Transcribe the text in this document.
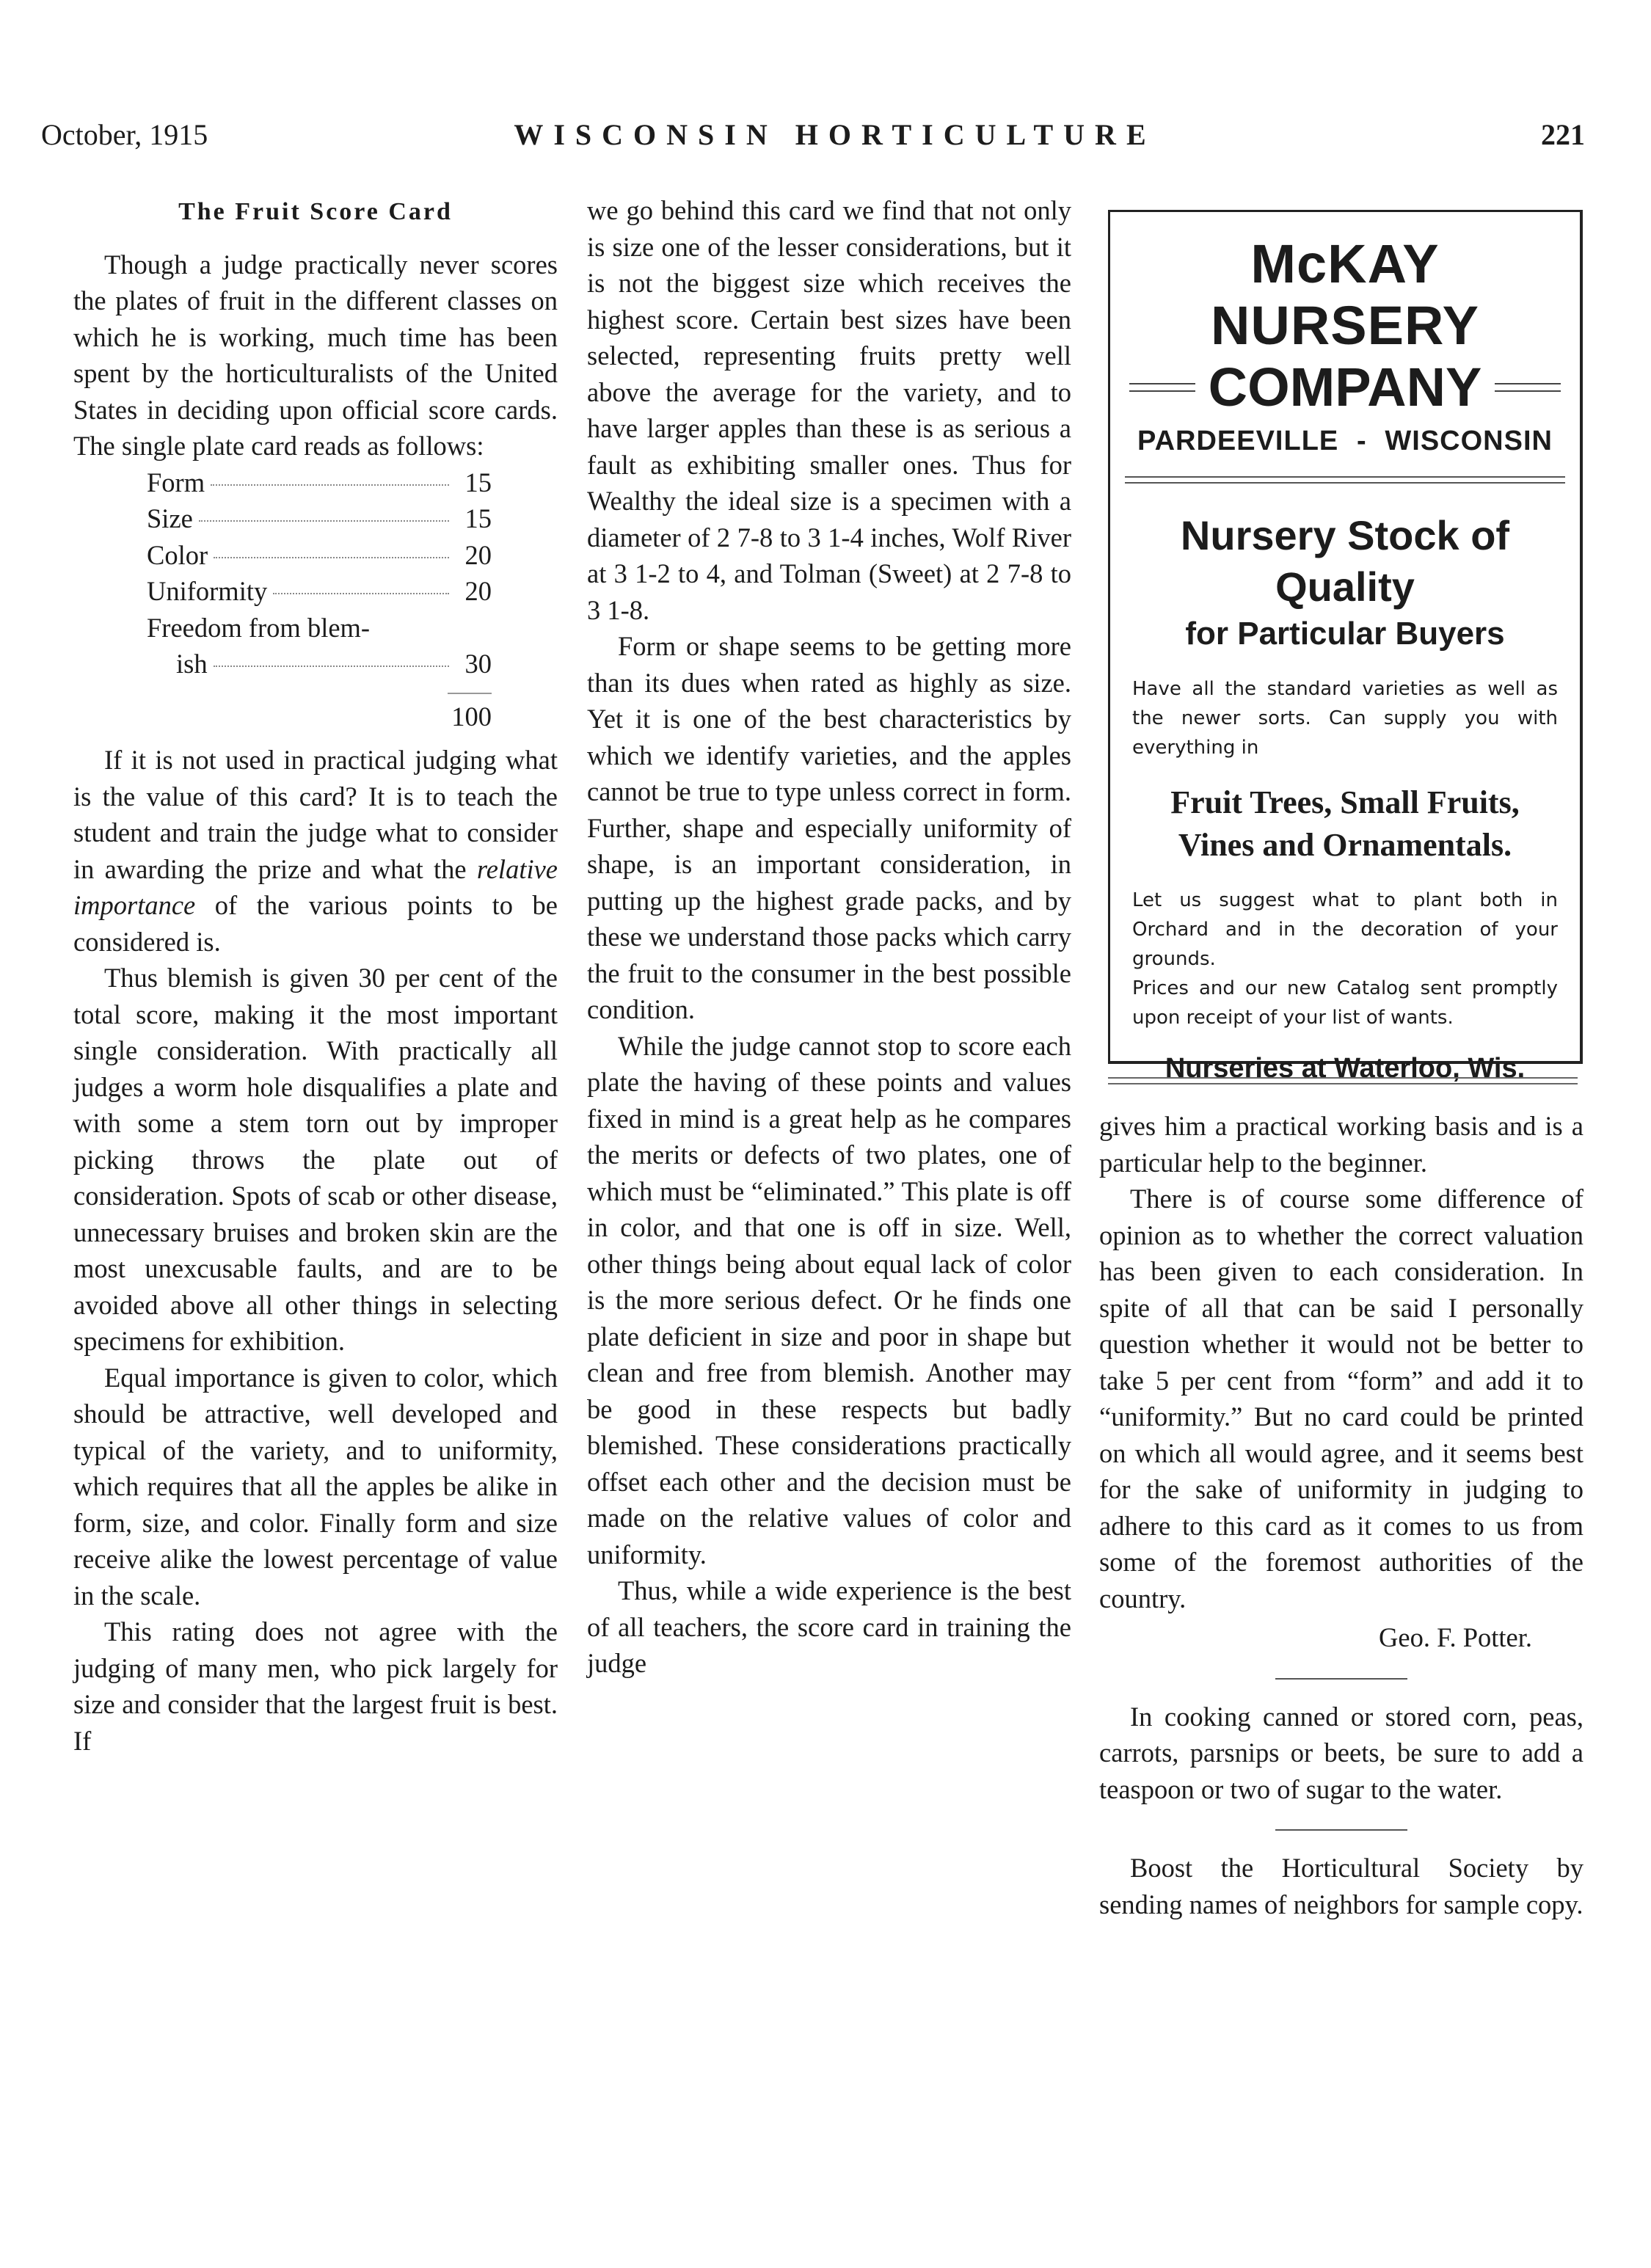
October, 1915	WISCONSIN HORTICULTURE	221
The Fruit Score Card

Though a judge practically never scores the plates of fruit in the different classes on which he is working, much time has been spent by the horticulturalists of the United States in deciding upon official score cards. The single plate card reads as follows:

Form	15
Size	15
Color	20
Uniformity	20
Freedom from blem-
ish	30
100

If it is not used in practical judging what is the value of this card? It is to teach the student and train the judge what to consider in awarding the prize and what the relative importance of the various points to be considered is.

Thus blemish is given 30 per cent of the total score, making it the most important single consideration. With practically all judges a worm hole disqualifies a plate and with some a stem torn out by improper picking throws the plate out of consideration. Spots of scab or other disease, unnecessary bruises and broken skin are the most unexcusable faults, and are to be avoided above all other things in selecting specimens for exhibition.

Equal importance is given to color, which should be attractive, well developed and typical of the variety, and to uniformity, which requires that all the apples be alike in form, size, and color. Finally form and size receive alike the lowest percentage of value in the scale.

This rating does not agree with the judging of many men, who pick largely for size and consider that the largest fruit is best. If

we go behind this card we find that not only is size one of the lesser considerations, but it is not the biggest size which receives the highest score. Certain best sizes have been selected, representing fruits pretty well above the average for the variety, and to have larger apples than these is as serious a fault as exhibiting smaller ones. Thus for Wealthy the ideal size is a specimen with a diameter of 2 7-8 to 3 1-4 inches, Wolf River at 3 1-2 to 4, and Tolman (Sweet) at 2 7-8 to 3 1-8.

Form or shape seems to be getting more than its dues when rated as highly as size. Yet it is one of the best characteristics by which we identify varieties, and the apples cannot be true to type unless correct in form. Further, shape and especially uniformity of shape, is an important consideration, in putting up the highest grade packs, and by these we understand those packs which carry the fruit to the consumer in the best possible condition.

While the judge cannot stop to score each plate the having of these points and values fixed in mind is a great help as he compares the merits or defects of two plates, one of which must be “eliminated.” This plate is off in color, and that one is off in size. Well, other things being about equal lack of color is the more serious defect. Or he finds one plate deficient in size and poor in shape but clean and free from blemish. Another may be good in these respects but badly blemished. These considerations practically offset each other and the decision must be made on the relative values of color and uniformity.

Thus, while a wide experience is the best of all teachers, the score card in training the judge

McKAY NURSERY
COMPANY
PARDEEVILLE - WISCONSIN
Nursery Stock of
Quality
for Particular Buyers
Have all the standard varieties as well as the newer sorts. Can supply you with everything in
Fruit Trees, Small Fruits,
Vines and Ornamentals.
Let us suggest what to plant both in Orchard and in the decoration of your grounds.
Prices and our new Catalog sent promptly upon receipt of your list of wants.
Nurseries at Waterloo, Wis.

gives him a practical working basis and is a particular help to the beginner.

There is of course some difference of opinion as to whether the correct valuation has been given to each consideration. In spite of all that can be said I personally question whether it would not be better to take 5 per cent from “form” and add it to “uniformity.” But no card could be printed on which all would agree, and it seems best for the sake of uniformity in judging to adhere to this card as it comes to us from some of the foremost authorities of the country.

Geo. F. Potter.

In cooking canned or stored corn, peas, carrots, parsnips or beets, be sure to add a teaspoon or two of sugar to the water.

Boost the Horticultural Society by sending names of neighbors for sample copy.
